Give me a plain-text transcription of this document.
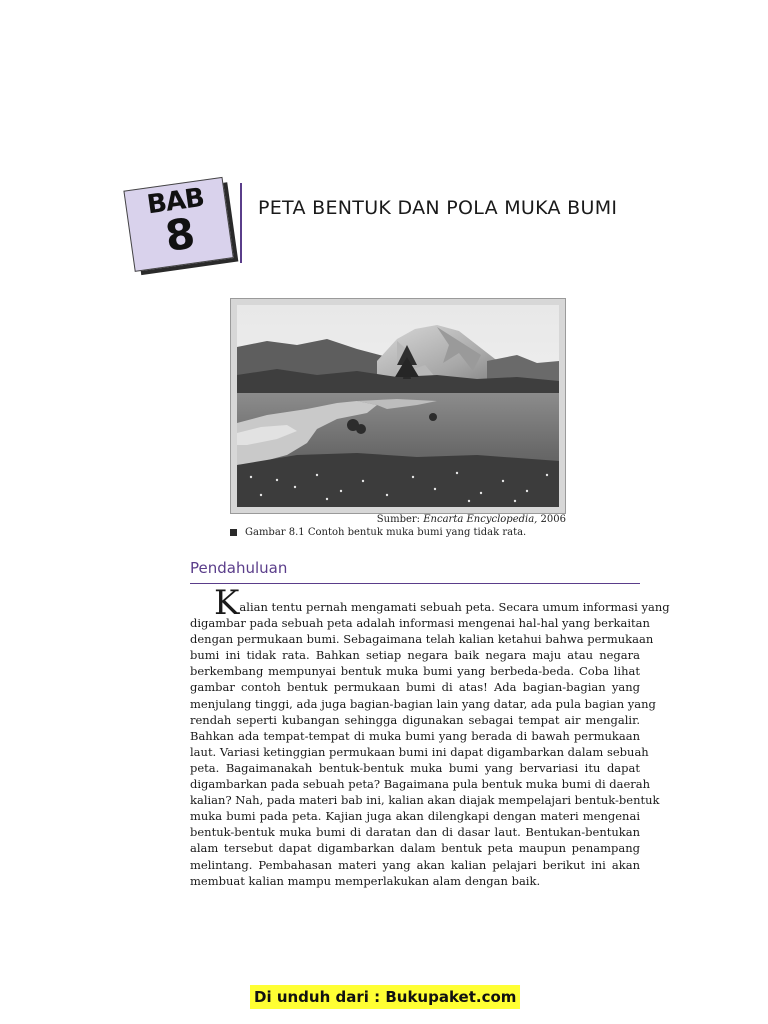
BAB
8
PETA BENTUK DAN POLA MUKA BUMI
Sumber: Encarta Encyclopedia, 2006
Gambar 8.1 Contoh bentuk muka bumi yang tidak rata.
Pendahuluan
Kalian tentu pernah mengamati sebuah peta. Secara umum informasi yang
digambar pada sebuah peta adalah informasi mengenai hal-hal yang berkaitan
dengan permukaan bumi. Sebagaimana telah kalian ketahui bahwa permukaan
bumi ini tidak rata. Bahkan setiap negara baik negara maju atau negara
berkembang mempunyai bentuk muka bumi yang berbeda-beda. Coba lihat
gambar contoh bentuk permukaan bumi di atas! Ada bagian-bagian yang
menjulang tinggi, ada juga bagian-bagian lain yang datar, ada pula bagian yang
rendah seperti kubangan sehingga digunakan sebagai tempat air mengalir.
Bahkan ada tempat-tempat di muka bumi yang berada di bawah permukaan
laut. Variasi ketinggian permukaan bumi ini dapat digambarkan dalam sebuah
peta. Bagaimanakah bentuk-bentuk muka bumi yang bervariasi itu dapat
digambarkan pada sebuah peta? Bagaimana pula bentuk muka bumi di daerah
kalian? Nah, pada materi bab ini, kalian akan diajak mempelajari bentuk-bentuk
muka bumi pada peta. Kajian juga akan dilengkapi dengan materi mengenai
bentuk-bentuk muka bumi di daratan dan di dasar laut. Bentukan-bentukan
alam tersebut dapat digambarkan dalam bentuk peta maupun penampang
melintang. Pembahasan materi yang akan kalian pelajari berikut ini akan
membuat kalian mampu memperlakukan alam dengan baik.
Di unduh dari : Bukupaket.com
